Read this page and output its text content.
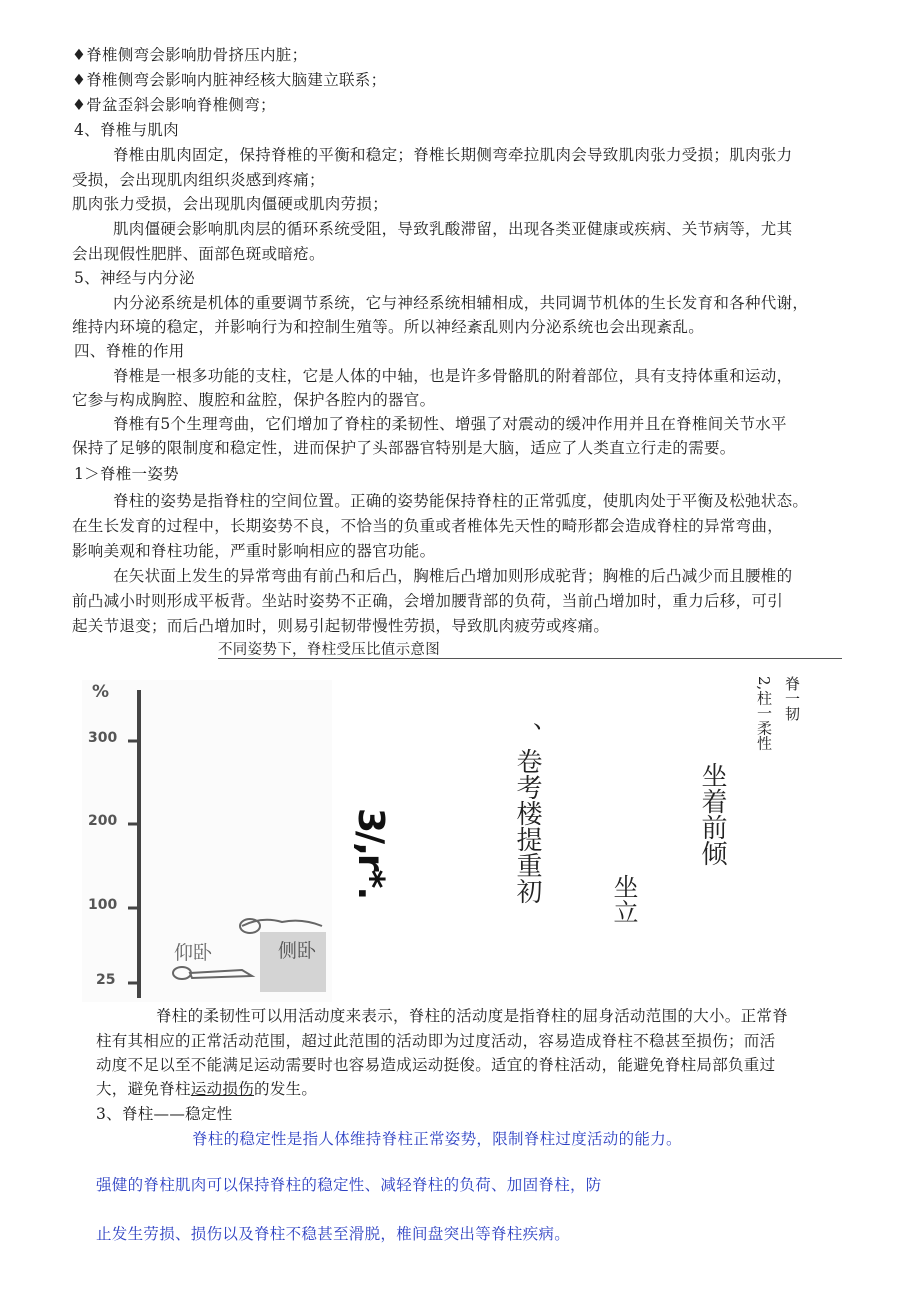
♦脊椎侧弯会影响肋骨挤压内脏；
♦脊椎侧弯会影响内脏神经核大脑建立联系；
♦骨盆歪斜会影响脊椎侧弯；
4、脊椎与肌肉
脊椎由肌肉固定，保持脊椎的平衡和稳定；脊椎长期侧弯牵拉肌肉会导致肌肉张力受损；肌肉张力
受损，会出现肌肉组织炎感到疼痛；
肌肉张力受损，会出现肌肉僵硬或肌肉劳损；
肌肉僵硬会影响肌肉层的循环系统受阻，导致乳酸滞留，出现各类亚健康或疾病、关节病等，尤其
会出现假性肥胖、面部色斑或暗疮。
5、神经与内分泌
内分泌系统是机体的重要调节系统，它与神经系统相辅相成，共同调节机体的生长发育和各种代谢，
维持内环境的稳定，并影响行为和控制生殖等。所以神经紊乱则内分泌系统也会出现紊乱。
四、脊椎的作用
脊椎是一根多功能的支柱，它是人体的中轴，也是许多骨骼肌的附着部位，具有支持体重和运动，
它参与构成胸腔、腹腔和盆腔，保护各腔内的器官。
脊椎有5个生理弯曲，它们增加了脊柱的柔韧性、增强了对震动的缓冲作用并且在脊椎间关节水平
保持了足够的限制度和稳定性，进而保护了头部器官特别是大脑，适应了人类直立行走的需要。
1＞脊椎一姿势
脊柱的姿势是指脊柱的空间位置。正确的姿势能保持脊柱的正常弧度，使肌肉处于平衡及松弛状态。
在生长发育的过程中，长期姿势不良，不恰当的负重或者椎体先天性的畸形都会造成脊柱的异常弯曲，
影响美观和脊柱功能，严重时影响相应的器官功能。
在矢状面上发生的异常弯曲有前凸和后凸，胸椎后凸增加则形成驼背；胸椎的后凸减少而且腰椎的
前凸减小时则形成平板背。坐站时姿势不正确，会增加腰背部的负荷，当前凸增加时，重力后移，可引
起关节退变；而后凸增加时，则易引起韧带慢性劳损，导致肌肉疲劳或疼痛。
不同姿势下，脊柱受压比值示意图
%
300
200
100
25
侧卧
仰卧
3/,r*.	、卷考楼提重初	坐立
坐着前倾
2,柱一柔性 脊一韧
脊柱的柔韧性可以用活动度来表示，脊柱的活动度是指脊柱的屈身活动范围的大小。正常脊
柱有其相应的正常活动范围，超过此范围的活动即为过度活动，容易造成脊柱不稳甚至损伤；而活
动度不足以至不能满足运动需要时也容易造成运动挺俊。适宜的脊柱活动，能避免脊柱局部负重过
大，避免脊柱运动损伤的发生。
3、脊柱——稳定性
脊柱的稳定性是指人体维持脊柱正常姿势，限制脊柱过度活动的能力。
强健的脊柱肌肉可以保持脊柱的稳定性、减轻脊柱的负荷、加固脊柱，防
止发生劳损、损伤以及脊柱不稳甚至滑脱，椎间盘突出等脊柱疾病。
